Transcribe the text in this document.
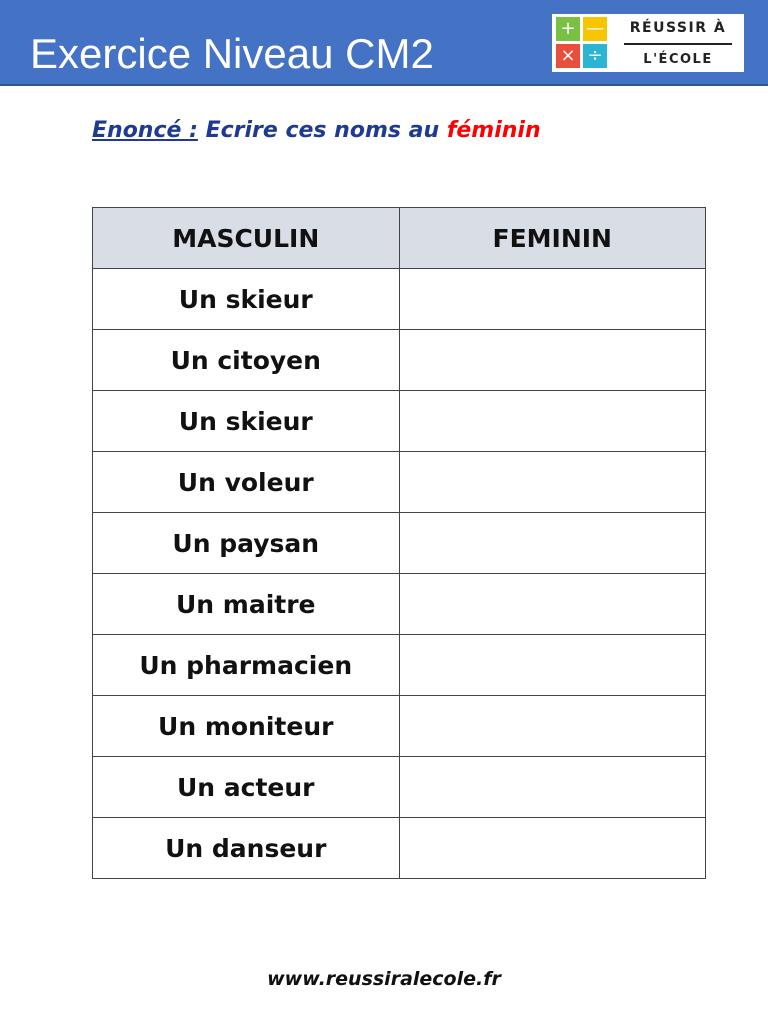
Exercice Niveau CM2
+ —
× ÷
RÉUSSIR À
L'ÉCOLE
Enoncé : Ecrire ces noms au féminin
MASCULIN	FEMININ
Un skieur	
Un citoyen	
Un skieur	
Un voleur	
Un paysan	
Un maitre	
Un pharmacien	
Un moniteur	
Un acteur	
Un danseur	
www.reussiralecole.fr
